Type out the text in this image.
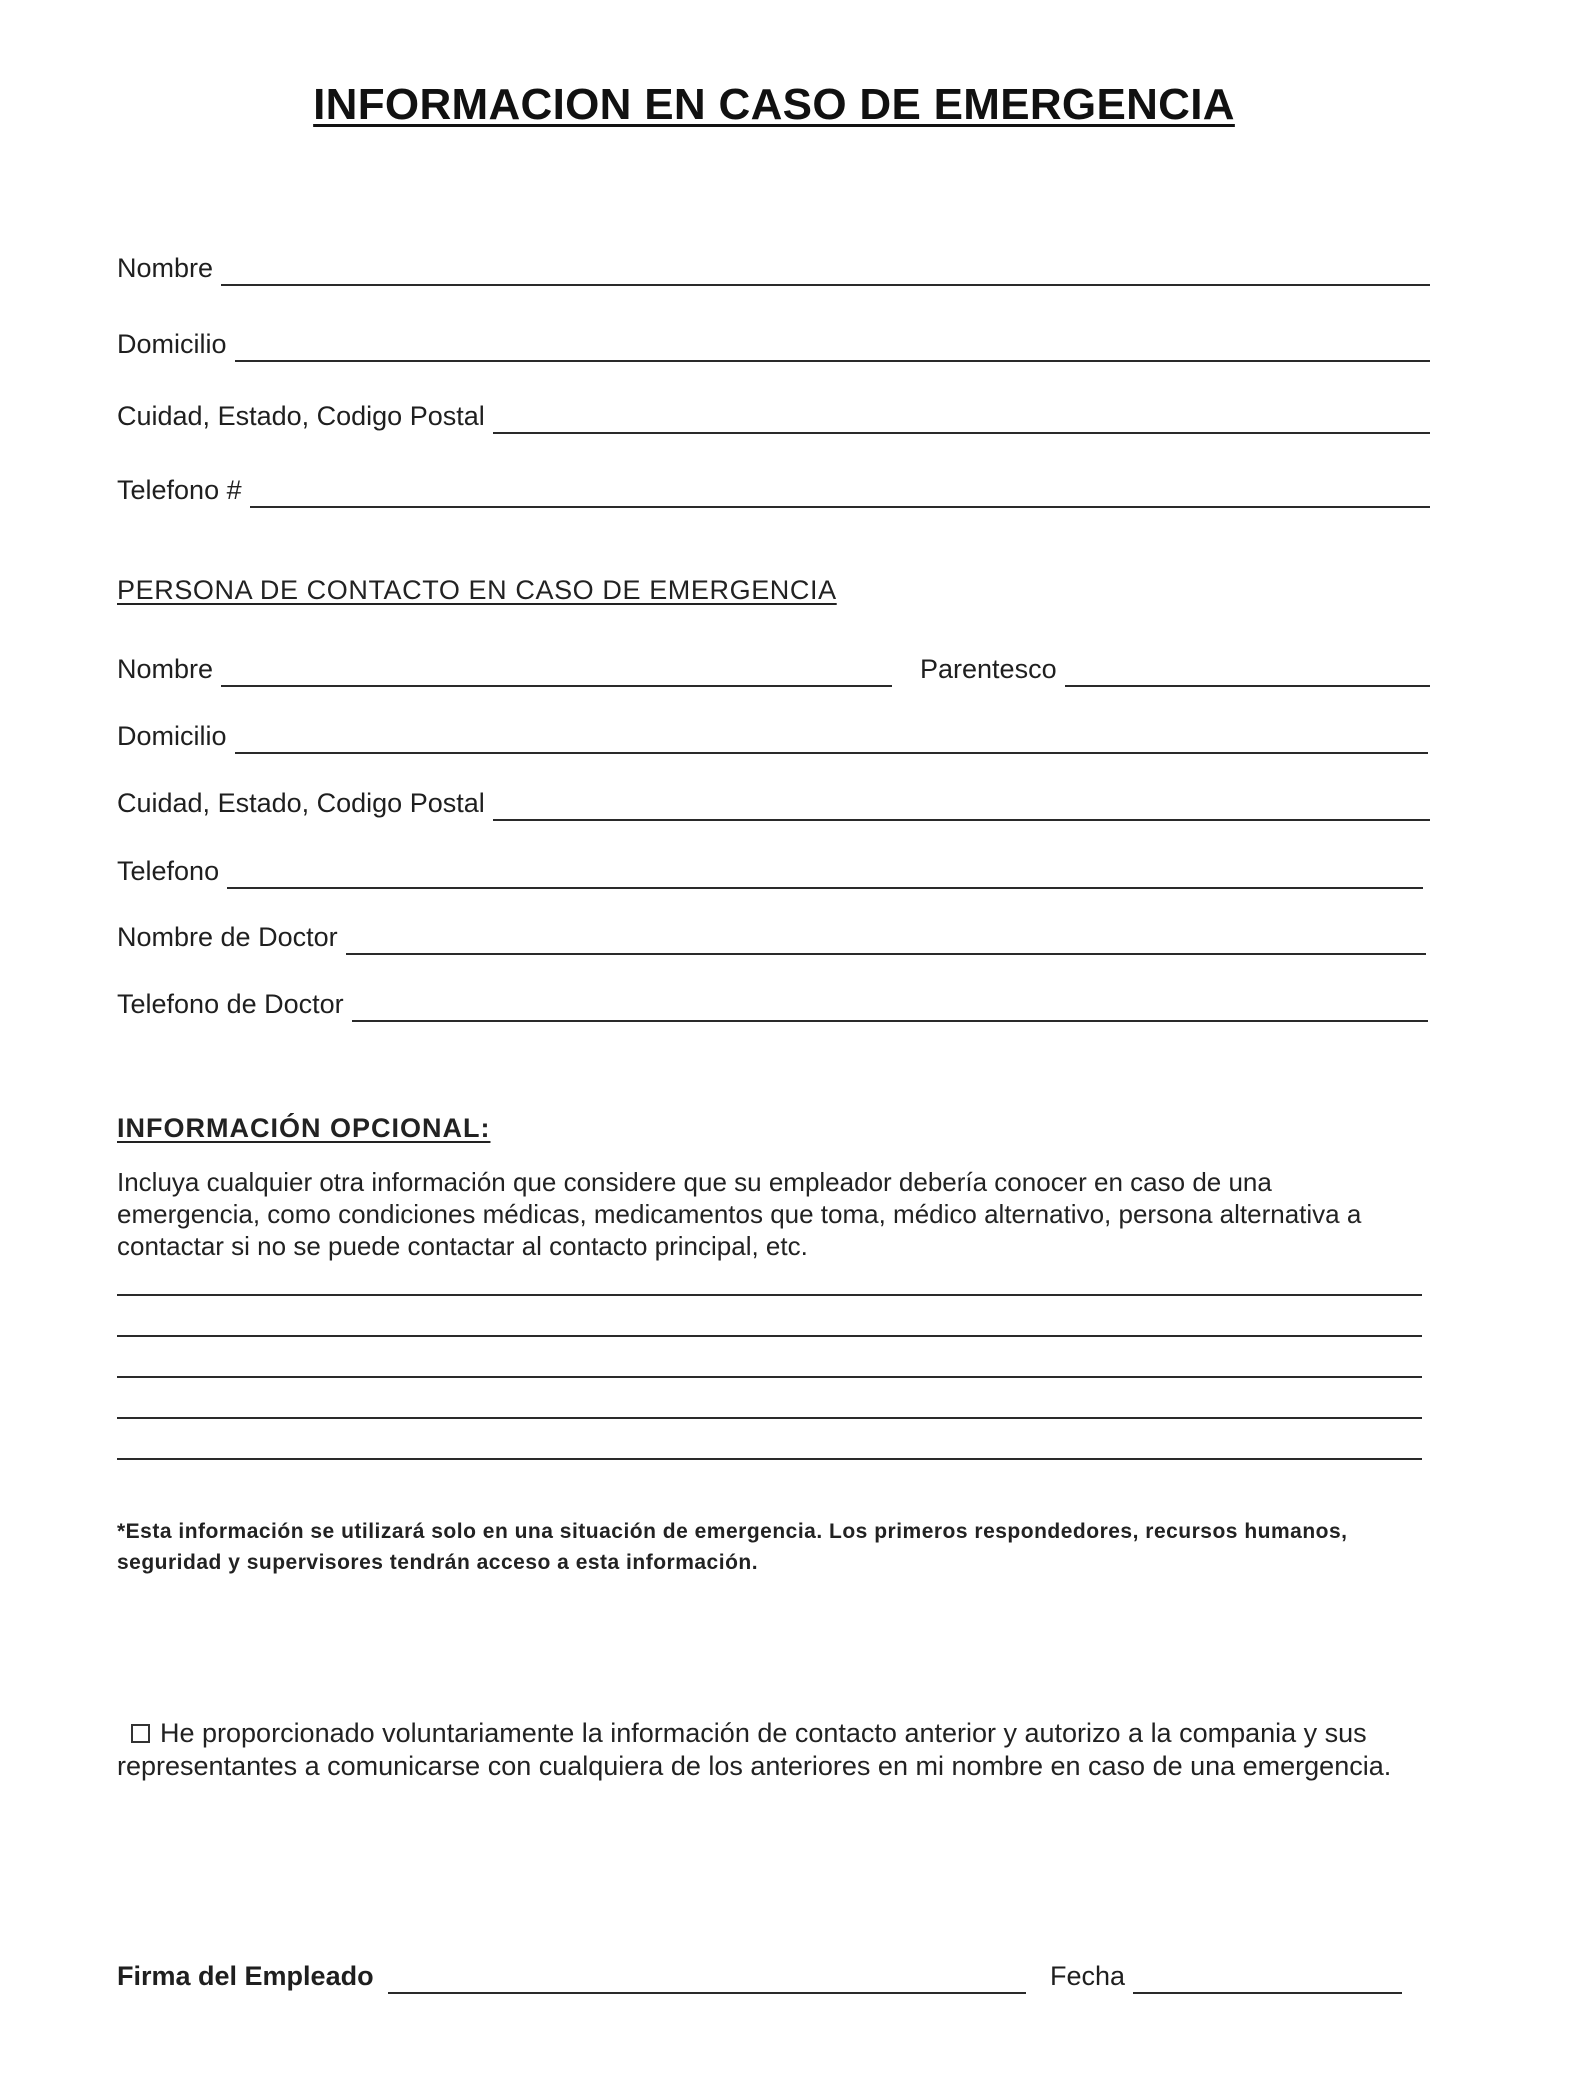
INFORMACION EN CASO DE EMERGENCIA
Nombre
Domicilio
Cuidad, Estado, Codigo Postal
Telefono #
PERSONA DE CONTACTO EN CASO DE EMERGENCIA
Nombre	Parentesco
Domicilio
Cuidad, Estado, Codigo Postal
Telefono
Nombre de Doctor
Telefono de Doctor
INFORMACIÓN OPCIONAL:
Incluya cualquier otra información que considere que su empleador debería conocer en caso de una emergencia, como condiciones médicas, medicamentos que toma, médico alternativo, persona alternativa a contactar si no se puede contactar al contacto principal, etc.
*Esta información se utilizará solo en una situación de emergencia. Los primeros respondedores, recursos humanos, seguridad y supervisores tendrán acceso a esta información.
He proporcionado voluntariamente la información de contacto anterior y autorizo a la compania y sus representantes a comunicarse con cualquiera de los anteriores en mi nombre en caso de una emergencia.
Firma del Empleado	Fecha
